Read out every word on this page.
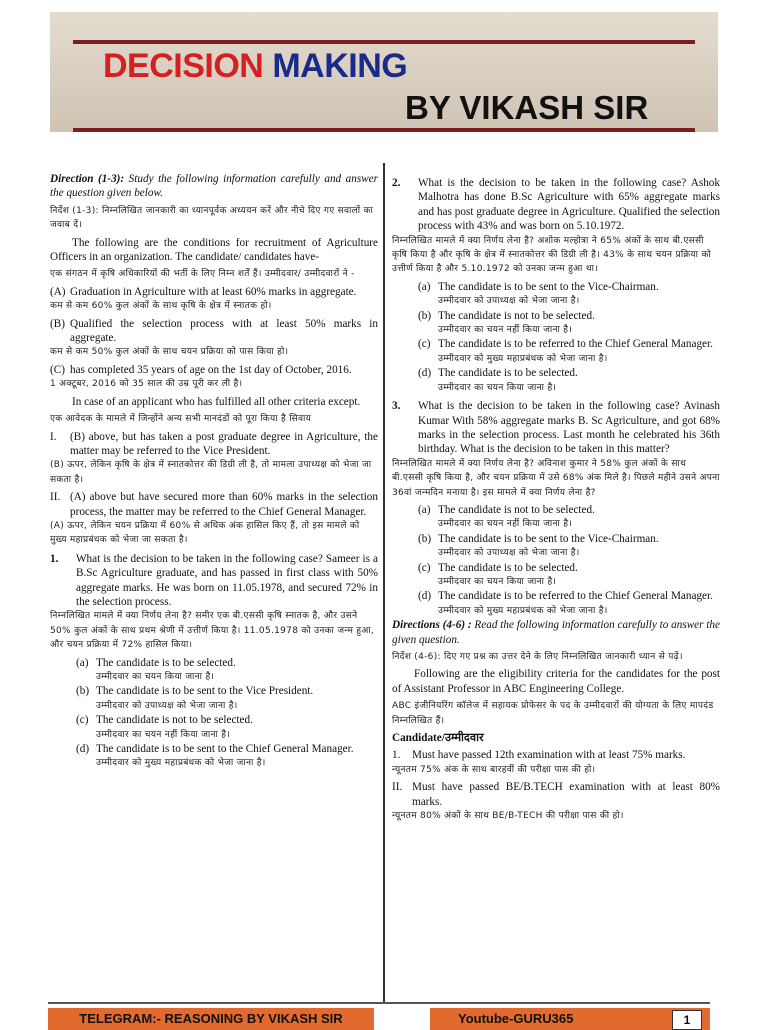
DECISION MAKING
BY VIKASH SIR

Direction (1-3): Study the following information carefully and answer the question given below.

निर्देश (1-3): निम्नलिखित जानकारी का ध्यानपूर्वक अध्ययन करें और नीचे दिए गए सवालों का जवाब दें।

The following are the conditions for recruitment of Agriculture Officers in an organization. The candidate/ candidates have-

एक संगठन में कृषि अधिकारियों की भर्ती के लिए निम्न शर्तें हैं। उम्मीदवार/ उम्मीदवारों ने -

(A) Graduation in Agriculture with at least 60% marks in aggregate.

कम से कम 60% कुल अंकों के साथ कृषि के क्षेत्र में स्नातक हो।

(B) Qualified the selection process with at least 50% marks in aggregate.

कम से कम 50% कुल अंकों के साथ चयन प्रक्रिया को पास किया हो।

(C) has completed 35 years of age on the 1st day of October, 2016.

1 अक्टूबर, 2016 को 35 साल की उम्र पूरी कर ली है।

In case of an applicant who has fulfilled all other criteria except.

एक आवेदक के मामले में जिन्होंने अन्य सभी मानदंडों को पूरा किया है सिवाय

I.	(B) above, but has taken a post graduate degree in Agriculture, the matter may be referred to the Vice President.

(B) ऊपर, लेकिन कृषि के क्षेत्र में स्नातकोत्तर की डिग्री ली है, तो मामला उपाध्यक्ष को भेजा जा सकता है।

II. (A) above but have secured more than 60% marks in the selection process, the matter may be referred to the Chief General Manager.

(A) ऊपर, लेकिन चयन प्रक्रिया में 60% से अधिक अंक हासिल किए हैं, तो इस मामले को मुख्य महाप्रबंधक को भेजा जा सकता है।

1.	What is the decision to be taken in the following case? Sameer is a B.Sc Agriculture graduate, and has passed in first class with 50% aggregate marks. He was born on 11.05.1978, and secured 72% in the selection process.

निम्नलिखित मामले में क्या निर्णय लेना है? समीर एक बी.एससी कृषि स्नातक है, और उसने 50% कुल अंकों के साथ प्रथम श्रेणी में उत्तीर्ण किया है। 11.05.1978 को उनका जन्म हुआ, और चयन प्रक्रिया में 72% हासिल किया।

(a) The candidate is to be selected.
उम्मीदवार का चयन किया जाना है।
(b) The candidate is to be sent to the Vice President.
उम्मीदवार को उपाध्यक्ष को भेजा जाना है।
(c) The candidate is not to be selected.
उम्मीदवार का चयन नहीं किया जाना है।
(d) The candidate is to be sent to the Chief General Manager.
उम्मीदवार को मुख्य महाप्रबंधक को भेजा जाना है।
2.	What is the decision to be taken in the following case? Ashok Malhotra has done B.Sc Agriculture with 65% aggregate marks and has post graduate degree in Agriculture. Qualified the selection process with 43% and was born on 5.10.1972.

निम्नलिखित मामले में क्या निर्णय लेना है? अशोक मल्होत्रा ने 65% अंकों के साथ बी.एससी कृषि किया है और कृषि के क्षेत्र में स्नातकोत्तर की डिग्री ली है। 43% के साथ चयन प्रक्रिया को उत्तीर्ण किया है और 5.10.1972 को उनका जन्म हुआ था।

(a) The candidate is to be sent to the Vice-Chairman.
उम्मीदवार को उपाध्यक्ष को भेजा जाना है।
(b) The candidate is not to be selected.
उम्मीदवार का चयन नहीं किया जाना है।
(c) The candidate is to be referred to the Chief General Manager.
उम्मीदवार को मुख्य महाप्रबंधक को भेजा जाना है।
(d) The candidate is to be selected.
उम्मीदवार का चयन किया जाना है।
3.	What is the decision to be taken in the following case? Avinash Kumar With 58% aggregate marks B. Sc Agriculture, and got 68% marks in the selection process. Last month he celebrated his 36th birthday. What is the decision to be taken in this matter?

निम्नलिखित मामले में क्या निर्णय लेना है? अविनाश कुमार ने 58% कुल अंकों के साथ बी.एससी कृषि किया है, और चयन प्रक्रिया में उसे 68% अंक मिले है। पिछले महीने उसने अपना 36वां जन्मदिन मनाया है। इस मामले में क्या निर्णय लेना है?

(a) The candidate is not to be selected.
उम्मीदवार का चयन नहीं किया जाना है।
(b) The candidate is to be sent to the Vice-Chairman.
उम्मीदवार को उपाध्यक्ष को भेजा जाना है।
(c) The candidate is to be selected.
उम्मीदवार का चयन किया जाना है।
(d) The candidate is to be referred to the Chief General Manager.
उम्मीदवार को मुख्य महाप्रबंधक को भेजा जाना है।

Directions (4-6) : Read the following information carefully to answer the given question.

निर्देश (4-6): दिए गए प्रश्न का उत्तर देने के लिए निम्नलिखित जानकारी ध्यान से पढ़ें।

Following are the eligibility criteria for the candidates for the post of Assistant Professor in ABC Engineering College.

ABC इंजीनियरिंग कॉलेज में सहायक प्रोफेसर के पद के उम्मीदवारों की योग्यता के लिए मापदंड निम्नलिखित हैं।

Candidate/उम्मीदवार

1.	Must have passed 12th examination with at least 75% marks.

न्यूनतम 75% अंक के साथ बारहवीं की परीक्षा पास की हो।

II. Must have passed BE/B.TECH examination with at least 80% marks.

न्यूनतम 80% अंकों के साथ BE/B-TECH की परीक्षा पास की हो।

TELEGRAM:- REASONING BY VIKASH SIR	Youtube-GURU365	1
